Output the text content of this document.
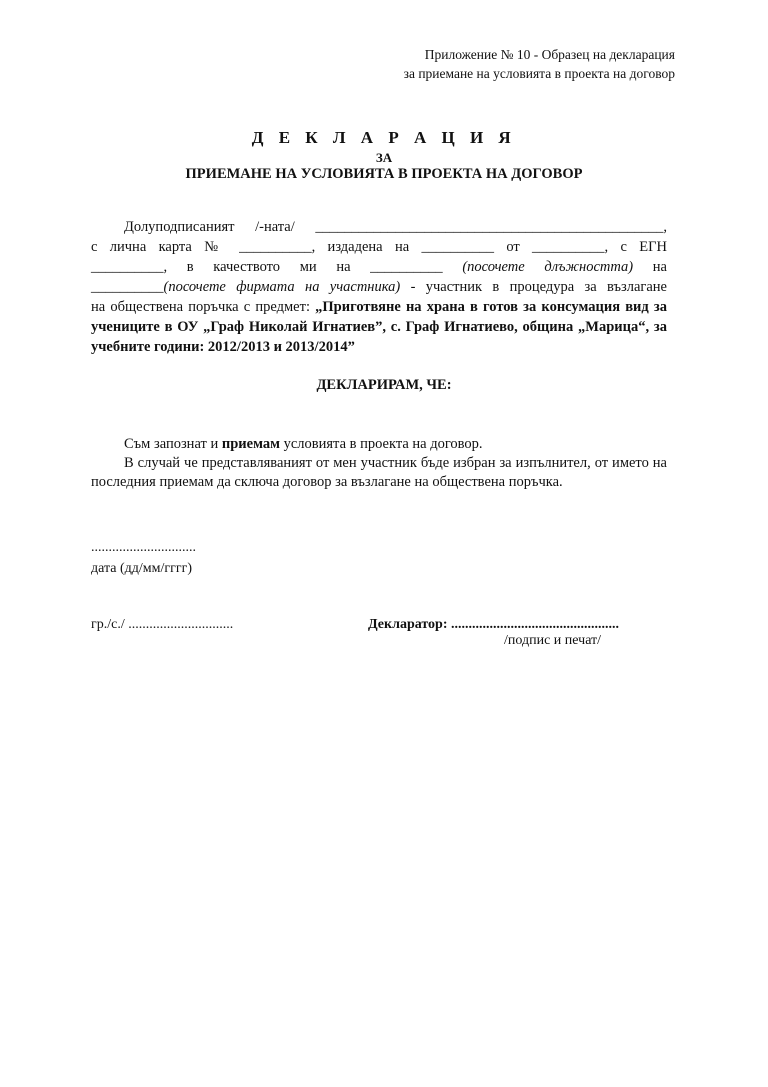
Приложение № 10 - Образец на декларация
за приемане на условията в проекта на договор
Д Е К Л А Р А Ц И Я
ЗА
ПРИЕМАНЕ НА УСЛОВИЯТА В ПРОЕКТА НА ДОГОВОР

Долуподписаният /-ната/ ________________________________________________,

с лична карта № __________, издадена на __________ от __________, с ЕГН

__________, в качеството ми на __________ (посочете длъжността) на

__________(посочете фирмата на участника) - участник в процедура за възлагане

на обществена поръчка с предмет: „Приготвяне на храна в готов за консумация вид за учениците в ОУ „Граф Николай Игнатиев”, с. Граф Игнатиево, община „Марица“, за учебните години: 2012/2013 и 2013/2014”

ДЕКЛАРИРАМ, ЧЕ:

Съм запознат и приемам условията в проекта на договор.

В случай че представляваният от мен участник бъде избран за изпълнител, от името на последния приемам да сключа договор за възлагане на обществена поръчка.

..............................
дата (дд/мм/гггг)
гр./с./ ..............................	Декларатор: ................................................
/подпис и печат/
